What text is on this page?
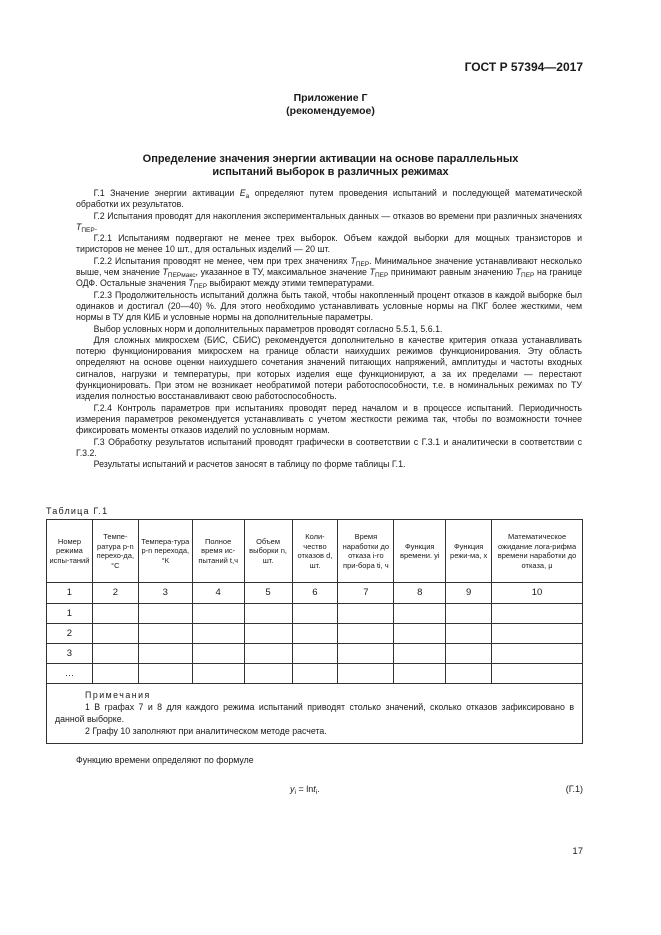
ГОСТ Р 57394—2017
Приложение Г
(рекомендуемое)
Определение значения энергии активации на основе параллельных
испытаний выборок в различных режимах

  Г.1 Значение энергии активации $E_a$ определяют путем проведения испытаний и последующей математической обработки их результатов.

  Г.2 Испытания проводят для накопления экспериментальных данных — отказов во времени при различных значениях $T_{ПЕР}$.

  Г.2.1 Испытаниям подвергают не менее трех выборок. Объем каждой выборки для мощных транзисторов и тиристоров не менее 10 шт., для остальных изделий — 20 шт.

  Г.2.2 Испытания проводят не менее, чем при трех значениях $T_{ПЕР}$. Минимальное значение устанавливают несколько выше, чем значение $T_{ПЕРмакс}$, указанное в ТУ, максимальное значение $T_{ПЕР}$ принимают равным значению $T_{ПЕР}$ на границе ОДФ. Остальные значения $T_{ПЕР}$ выбирают между этими температурами.

  Г.2.3 Продолжительность испытаний должна быть такой, чтобы накопленный процент отказов в каждой выборке был одинаков и достигал (20—40) %. Для этого необходимо устанавливать условные нормы на ПКГ более жесткими, чем нормы в ТУ для КИБ и условные нормы на дополнительные параметры.

  Выбор условных норм и дополнительных параметров проводят согласно 5.5.1, 5.6.1.

  Для сложных микросхем (БИС, СБИС) рекомендуется дополнительно в качестве критерия отказа устанавливать потерю функционирования микросхем на границе области наихудших режимов функционирования. Эту область определяют на основе оценки наихудшего сочетания значений питающих напряжений, амплитуды и частоты входных сигналов, нагрузки и температуры, при которых изделия еще функционируют, а за их пределами — перестают функционировать. При этом не возникает необратимой потери работоспособности, т.е. в номинальных режимах по ТУ изделия полностью восстанавливают свою работоспособность.

  Г.2.4 Контроль параметров при испытаниях проводят перед началом и в процессе испытаний. Периодичность измерения параметров рекомендуется устанавливать с учетом жесткости режима так, чтобы по возможности точнее фиксировать моменты отказов изделий по условным нормам.

  Г.3 Обработку результатов испытаний проводят графически в соответствии с Г.3.1 и аналитически в соответствии с Г.3.2.

  Результаты испытаний и расчетов заносят в таблицу по форме таблицы Г.1.

Таблица Г.1
Номер режима испы-таний	Темпе-ратура p-n перехо-да, °С	Темпера-тура p-n перехода, °К	Полное время ис-пытаний t,ч	Объем выборки n, шт.	Коли-чество отказов d, шт.	Время наработки до отказа i-го при-бора ti, ч	Функция времени. yi	Функция режи-ма, x	Математическое ожидание лога-рифма времени наработки до отказа, μ
1	2	3	4	5	6	7	8	9	10
1									
2									
3									
…									

Примечания

1 В графах 7 и 8 для каждого режима испытаний приводят столько значений, сколько отказов зафиксировано в данной выборке.

2 Графу 10 заполняют при аналитическом методе расчета.									

Функцию времени определяют по формуле
$y_i = \ln t_i$.	(Г.1)
17
